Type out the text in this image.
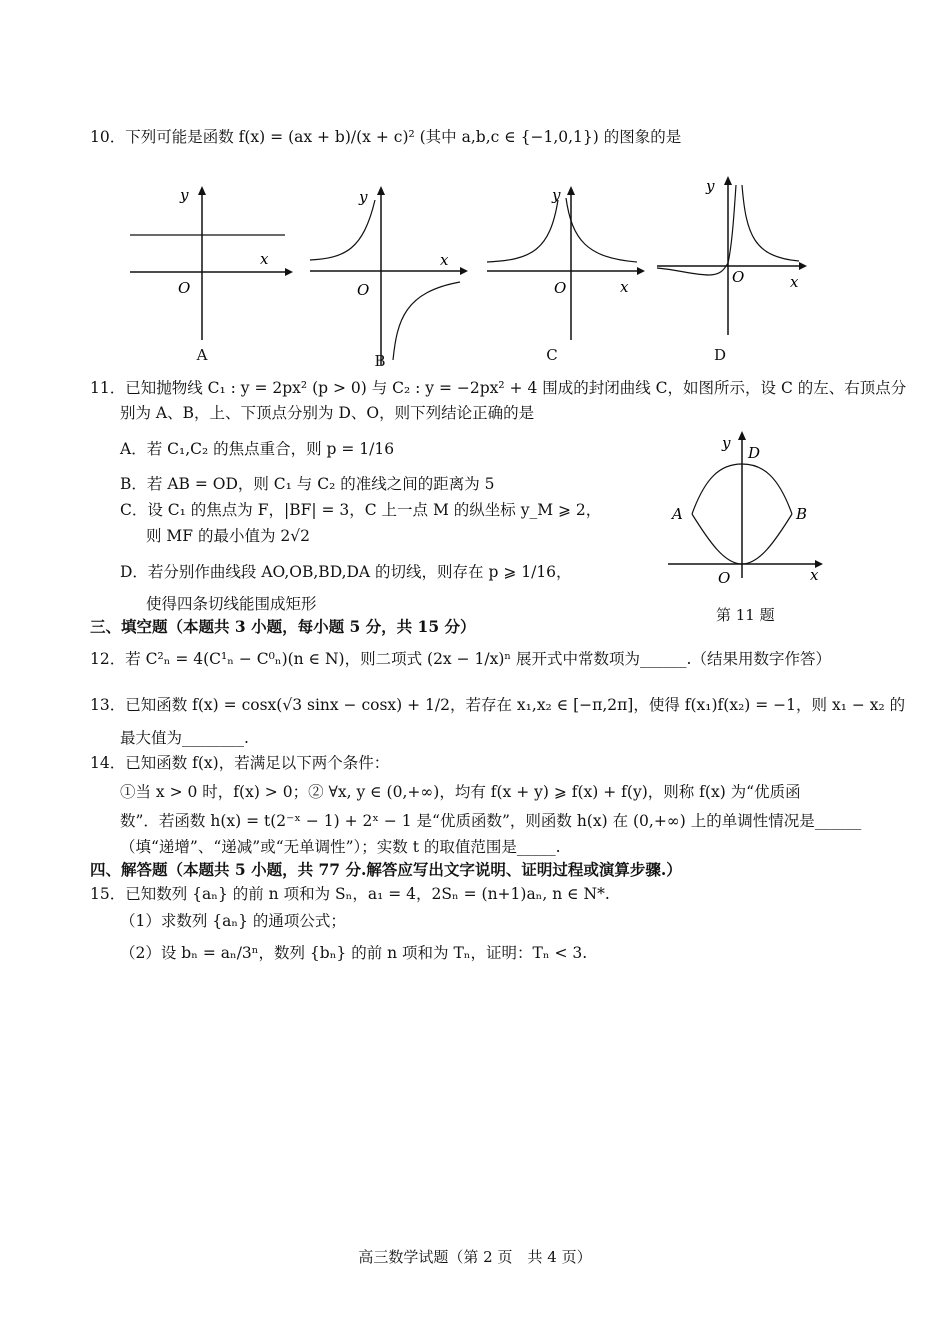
10．下列可能是函数 f(x) = (ax + b)/(x + c)² (其中 a,b,c ∈ {−1,0,1}) 的图象的是
y
x
O
A
y
x
O
B
y
x
O
C
y
x
O
D
11．已知抛物线 C₁ : y = 2px² (p > 0) 与 C₂ : y = −2px² + 4 围成的封闭曲线 C，如图所示，设 C 的左、右顶点分
别为 A、B，上、下顶点分别为 D、O，则下列结论正确的是
A．若 C₁,C₂ 的焦点重合，则 p = 1/16
B．若 AB = OD，则 C₁ 与 C₂ 的准线之间的距离为 5
C．设 C₁ 的焦点为 F，|BF| = 3，C 上一点 M 的纵坐标 y_M ⩾ 2，
则 MF 的最小值为 2√2
D．若分别作曲线段 AO,OB,BD,DA 的切线，则存在 p ⩾ 1/16，
使得四条切线能围成矩形
y
D
A	B
O	x
第 11 题
三、填空题（本题共 3 小题，每小题 5 分，共 15 分）
12．若 C²ₙ = 4(C¹ₙ − C⁰ₙ)(n ∈ N)，则二项式 (2x − 1/x)ⁿ 展开式中常数项为______.（结果用数字作答）
13．已知函数 f(x) = cosx(√3 sinx − cosx) + 1/2，若存在 x₁,x₂ ∈ [−π,2π]，使得 f(x₁)f(x₂) = −1，则 x₁ − x₂ 的
最大值为________.
14．已知函数 f(x)，若满足以下两个条件：
①当 x > 0 时，f(x) > 0；② ∀x, y ∈ (0,+∞)，均有 f(x + y) ⩾ f(x) + f(y)，则称 f(x) 为“优质函
数”．若函数 h(x) = t(2⁻ˣ − 1) + 2ˣ − 1 是“优质函数”，则函数 h(x) 在 (0,+∞) 上的单调性情况是______
（填“递增”、“递减”或“无单调性”）；实数 t 的取值范围是_____.
四、解答题（本题共 5 小题，共 77 分.解答应写出文字说明、证明过程或演算步骤.）
15．已知数列 {aₙ} 的前 n 项和为 Sₙ，a₁ = 4，2Sₙ = (n+1)aₙ, n ∈ N*.
（1）求数列 {aₙ} 的通项公式；
（2）设 bₙ = aₙ/3ⁿ，数列 {bₙ} 的前 n 项和为 Tₙ，证明：Tₙ < 3.
高三数学试题（第 2 页　共 4 页）
